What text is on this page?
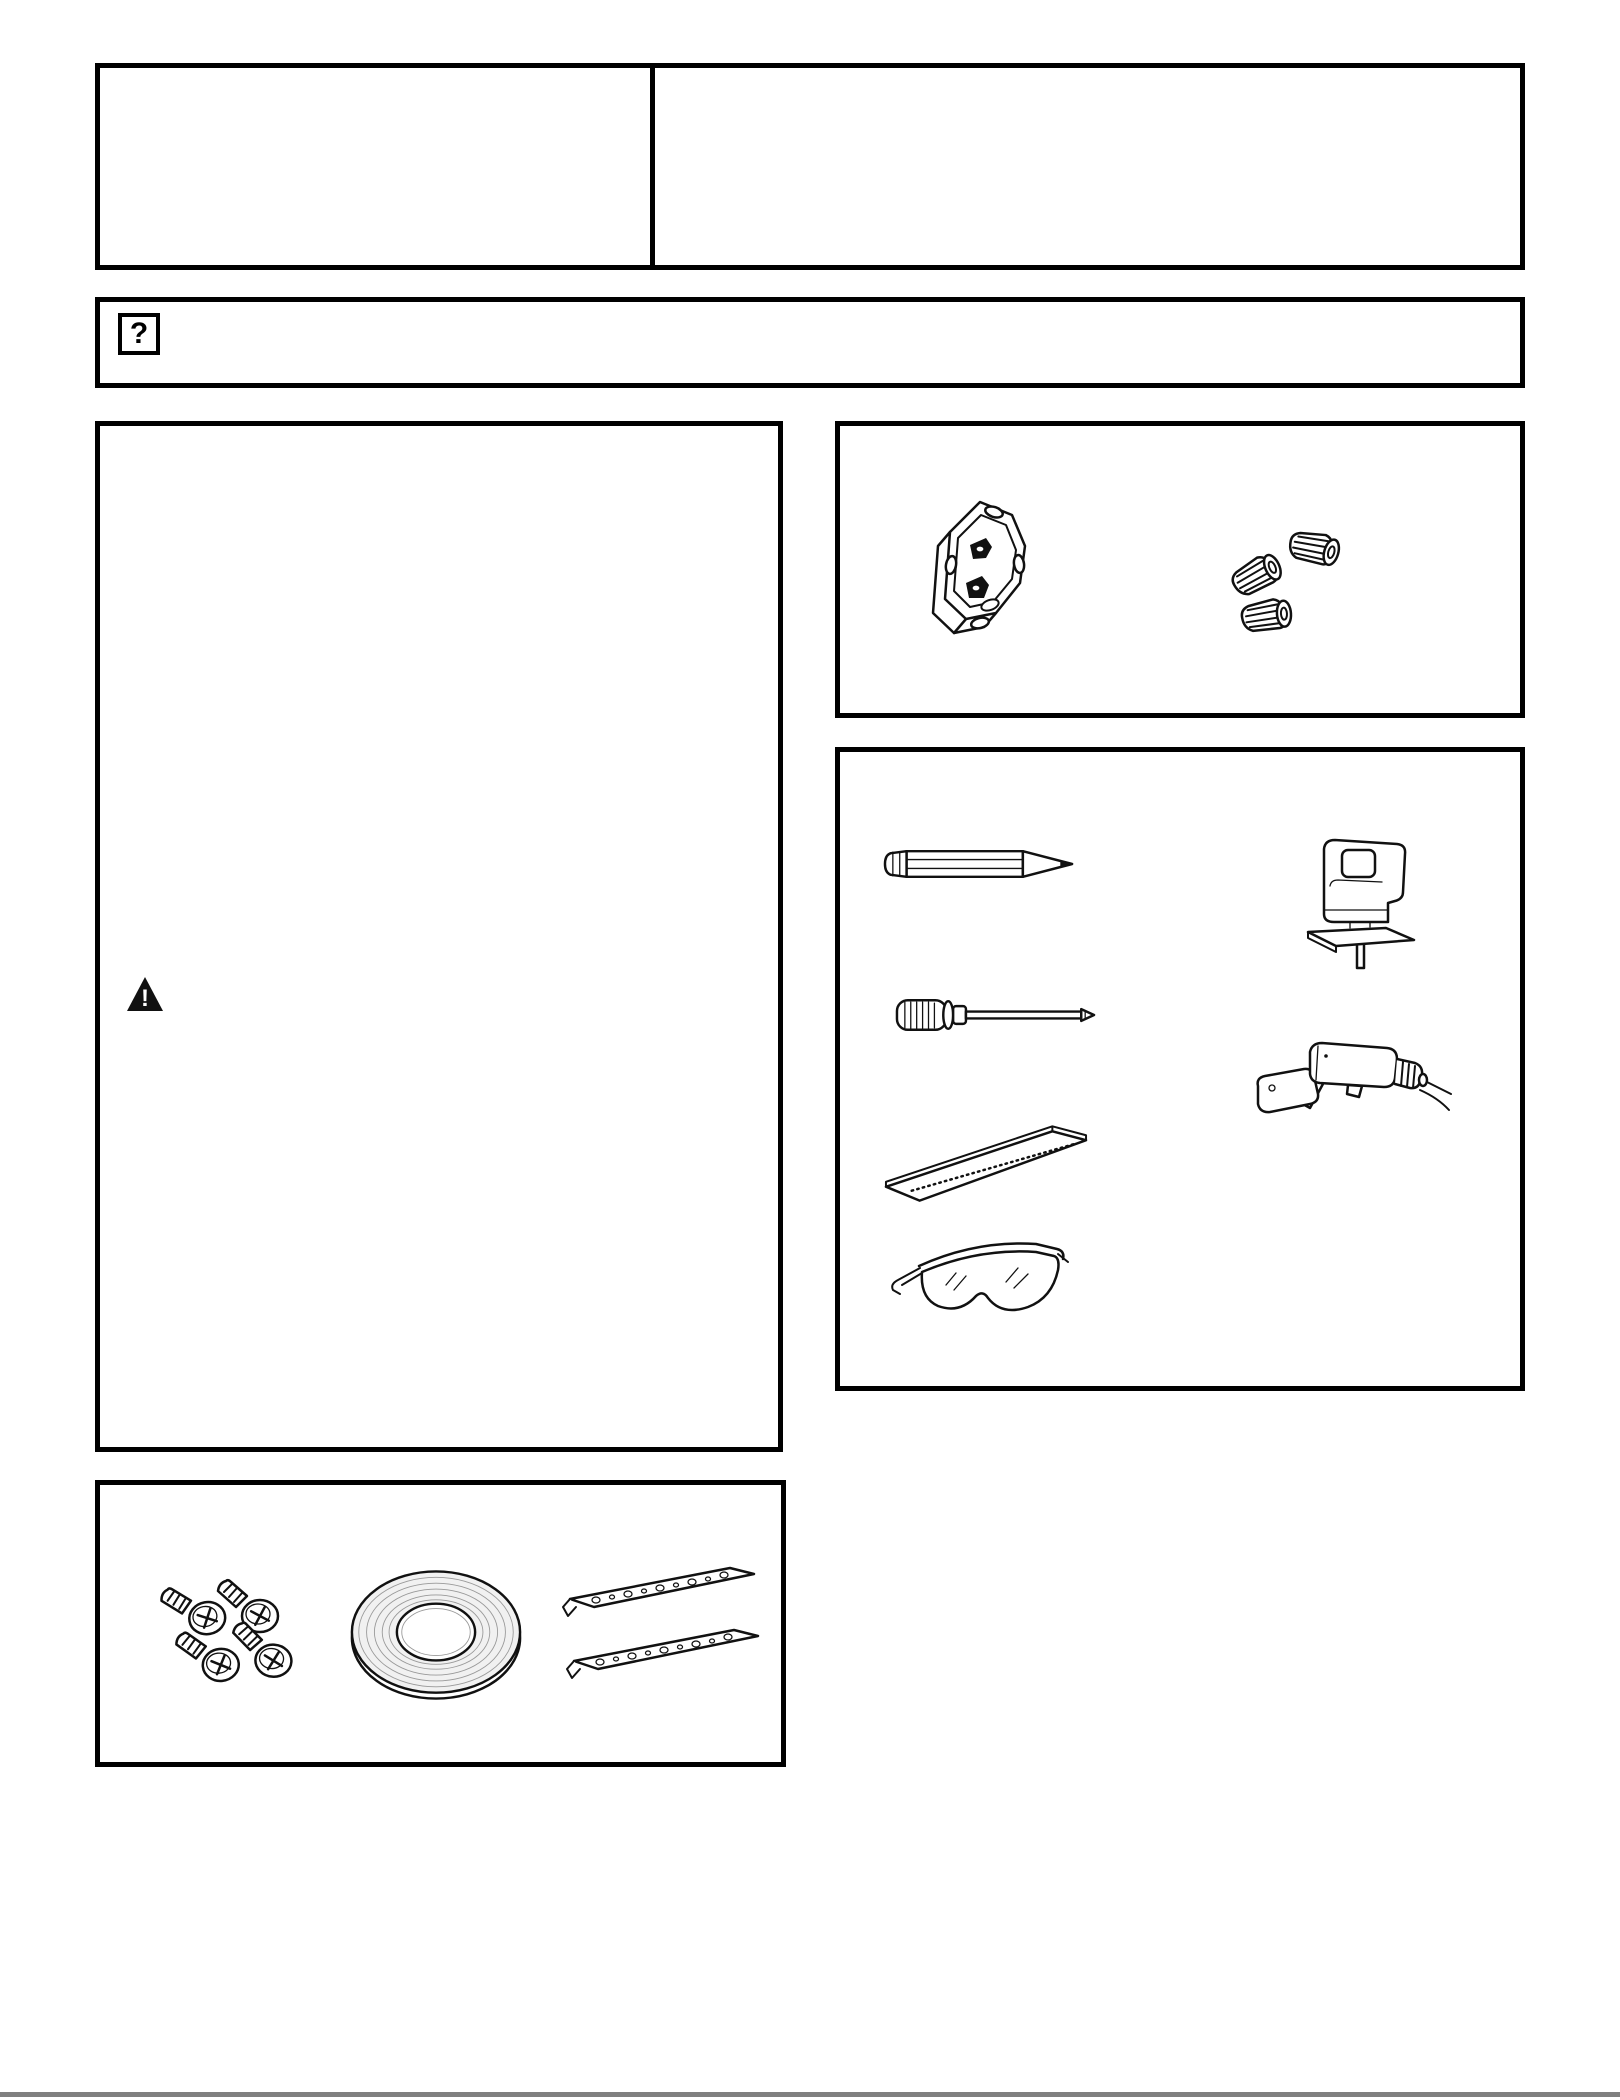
?
!
